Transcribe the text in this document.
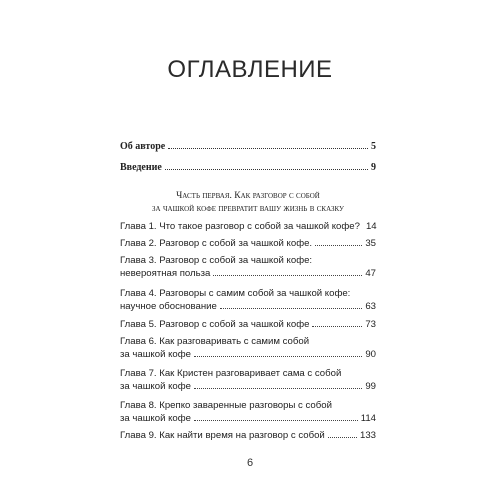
ОГЛАВЛЕНИЕ
Об авторе	5
Введение	9
Часть первая. Как разговор с собой
за чашкой кофе превратит вашу жизнь в сказку
Глава 1. Что такое разговор с собой за чашкой кофе? 14
Глава 2. Разговор с собой за чашкой кофе.	35
Глава 3. Разговор с собой за чашкой кофе:
невероятная польза	47
Глава 4. Разговоры с самим собой за чашкой кофе:
научное обоснование	63
Глава 5. Разговор с собой за чашкой кофе	73
Глава 6. Как разговаривать с самим собой
за чашкой кофе	90
Глава 7. Как Кристен разговаривает сама с собой
за чашкой кофе	99
Глава 8. Крепко заваренные разговоры с собой
за чашкой кофе	114
Глава 9. Как найти время на разговор с собой	133
6
